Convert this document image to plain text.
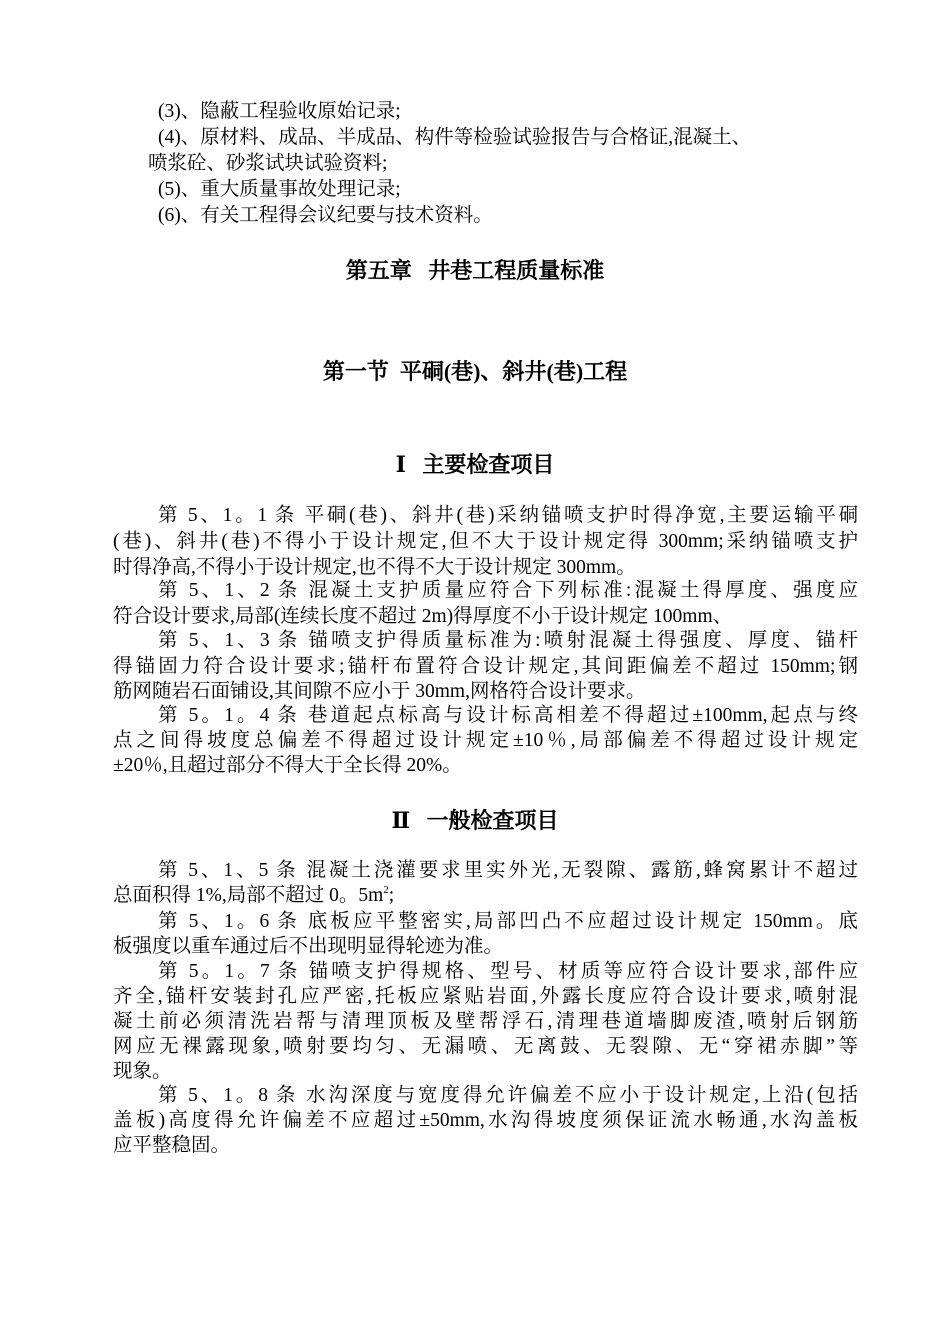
(3)、隐蔽工程验收原始记录;
(4)、原材料、成品、半成品、构件等检验试验报告与合格证,混凝土、
喷浆砼、砂浆试块试验资料;
(5)、重大质量事故处理记录;
(6)、有关工程得会议纪要与技术资料。
第五章   井巷工程质量标准
第一节  平硐(巷)、斜井(巷)工程
Ⅰ   主要检查项目
第 5、1。1 条 平硐(巷)、斜井(巷)采纳锚喷支护时得净宽,主要运输平硐
(巷)、斜井(巷)不得小于设计规定,但不大于设计规定得 300mm;采纳锚喷支护
时得净高,不得小于设计规定,也不得不大于设计规定 300mm。
第 5、1、2 条 混凝土支护质量应符合下列标准:混凝土得厚度、强度应
符合设计要求,局部(连续长度不超过 2m)得厚度不小于设计规定 100mm、
第 5、1、3 条 锚喷支护得质量标准为:喷射混凝土得强度、厚度、锚杆
得锚固力符合设计要求;锚杆布置符合设计规定,其间距偏差不超过 150mm;钢
筋网随岩石面铺设,其间隙不应小于 30mm,网格符合设计要求。
第 5。1。4 条 巷道起点标高与设计标高相差不得超过±100mm,起点与终
点之间得坡度总偏差不得超过设计规定±10％,局部偏差不得超过设计规定
±20％,且超过部分不得大于全长得 20%。
Ⅱ   一般检查项目
第 5、1、5 条 混凝土浇灌要求里实外光,无裂隙、露筋,蜂窝累计不超过
总面积得 1%,局部不超过 0。$5m^2$;
第 5、1。6 条 底板应平整密实,局部凹凸不应超过设计规定 150mm。底
板强度以重车通过后不出现明显得轮迹为准。
第 5。1。7 条 锚喷支护得规格、型号、材质等应符合设计要求,部件应
齐全,锚杆安装封孔应严密,托板应紧贴岩面,外露长度应符合设计要求,喷射混
凝土前必须清洗岩帮与清理顶板及壁帮浮石,清理巷道墙脚废渣,喷射后钢筋
网应无裸露现象,喷射要均匀、无漏喷、无离鼓、无裂隙、无“穿裙赤脚”等
现象。
第 5、1。8 条 水沟深度与宽度得允许偏差不应小于设计规定,上沿(包括
盖板)高度得允许偏差不应超过±50mm,水沟得坡度须保证流水畅通,水沟盖板
应平整稳固。
